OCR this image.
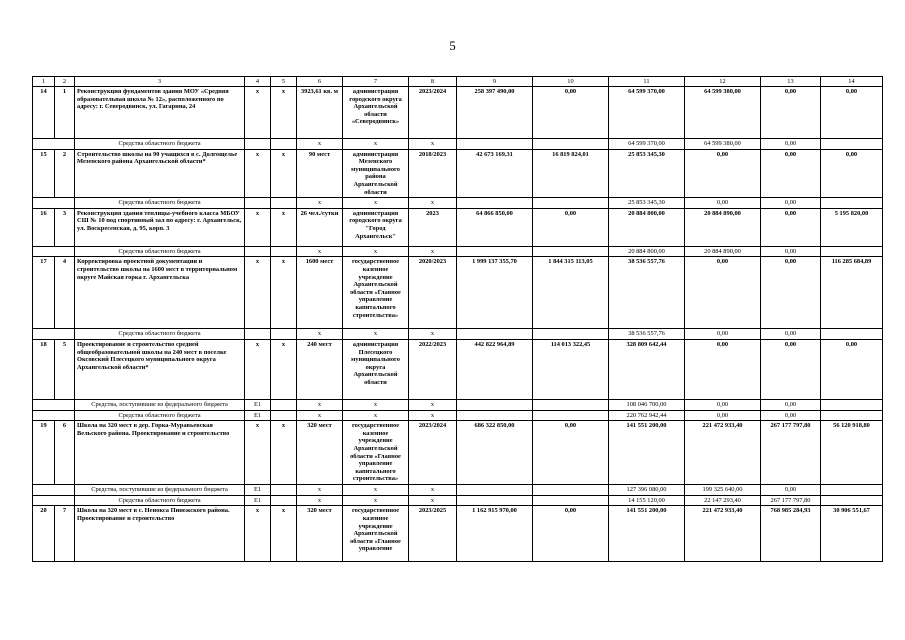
5
1	2	3	4	5	6	7	8	9	10	11	12	13	14
14	1	Реконструкция фундаментов здания МОУ «Средняя образовательная школа № 12», расположенного по адресу: г. Северодвинск, ул. Гагарина, 24	x	x	3923,61 кв. м	администрация городского округа Архангельской области «Северодвинск»	2023/2024	258 397 490,00	0,00	64 599 370,00	64 599 380,00	0,00	0,00
		Средства областного бюджета			x	x	x			64 599 370,00	64 599 380,00	0,00	
15	2	Строительство школы на 90 учащихся в с. Долгощелье Мезенского района Архангельской области*	x	x	90 мест	администрация Мезенского муниципального района Архангельской области	2018/2023	42 673 169,31	16 819 824,01	25 853 345,30	0,00	0,00	0,00
		Средства областного бюджета			x	x	x			25 853 345,30	0,00	0,00	
16	3	Реконструкция здания теплицы-учебного класса МБОУ СШ № 10 под спортивный зал по адресу: г. Архангельск, ул. Воскресенская, д. 95, корп. 3	x	x	26 чел./сутки	администрация городского округа "Город Архангельск"	2023	64 866 850,00	0,00	20 884 800,00	20 884 890,00	0,00	5 195 820,00
		Средства областного бюджета			x	x	x			20 884 800,00	20 884 890,00	0,00	
17	4	Корректировка проектной документации и строительство школы на 1600 мест в территориальном округе Майская горка г. Архангельска	x	x	1600 мест	государственное казенное учреждение Архангельской области «Главное управление капитального строительства»	2020/2023	1 999 137 355,70	1 844 315 113,05	38 536 557,76	0,00	0,00	116 285 684,89
		Средства областного бюджета			x	x	x			38 536 557,76	0,00	0,00	
18	5	Проектирование и строительство средней общеобразовательной школы на 240 мест в поселке Оксовский Плесецкого муниципального округа Архангельской области*	x	x	240 мест	администрация Плесецкого муниципального округа Архангельской области	2022/2023	442 822 964,89	114 013 322,45	328 809 642,44	0,00	0,00	0,00
		Средства, поступившие из федерального бюджета	E1		x	x	x			108 046 700,00	0,00	0,00	
		Средства областного бюджета	E1		x	x	x			220 762 942,44	0,00	0,00	
19	6	Школа на 320 мест в дер. Горка-Муравьевская Вельского района. Проектирование и строительство	x	x	320 мест	государственное казенное учреждение Архангельской области «Главное управление капитального строительства»	2023/2024	686 322 850,00	0,00	141 551 200,00	221 472 933,40	267 177 797,80	56 120 918,80
		Средства, поступившие из федерального бюджета	E1		x	x	x			127 396 080,00	199 325 640,00	0,00	
		Средства областного бюджета	E1		x	x	x			14 155 120,00	22 147 293,40	267 177 797,80	
20	7	Школа на 320 мест в с. Ненокса Пинежского района. Проектирование и строительство	x	x	320 мест	государственное казенное учреждение Архангельской области «Главное управление	2023/2025	1 162 915 970,00	0,00	141 551 200,00	221 472 933,40	768 985 284,93	30 906 551,67
